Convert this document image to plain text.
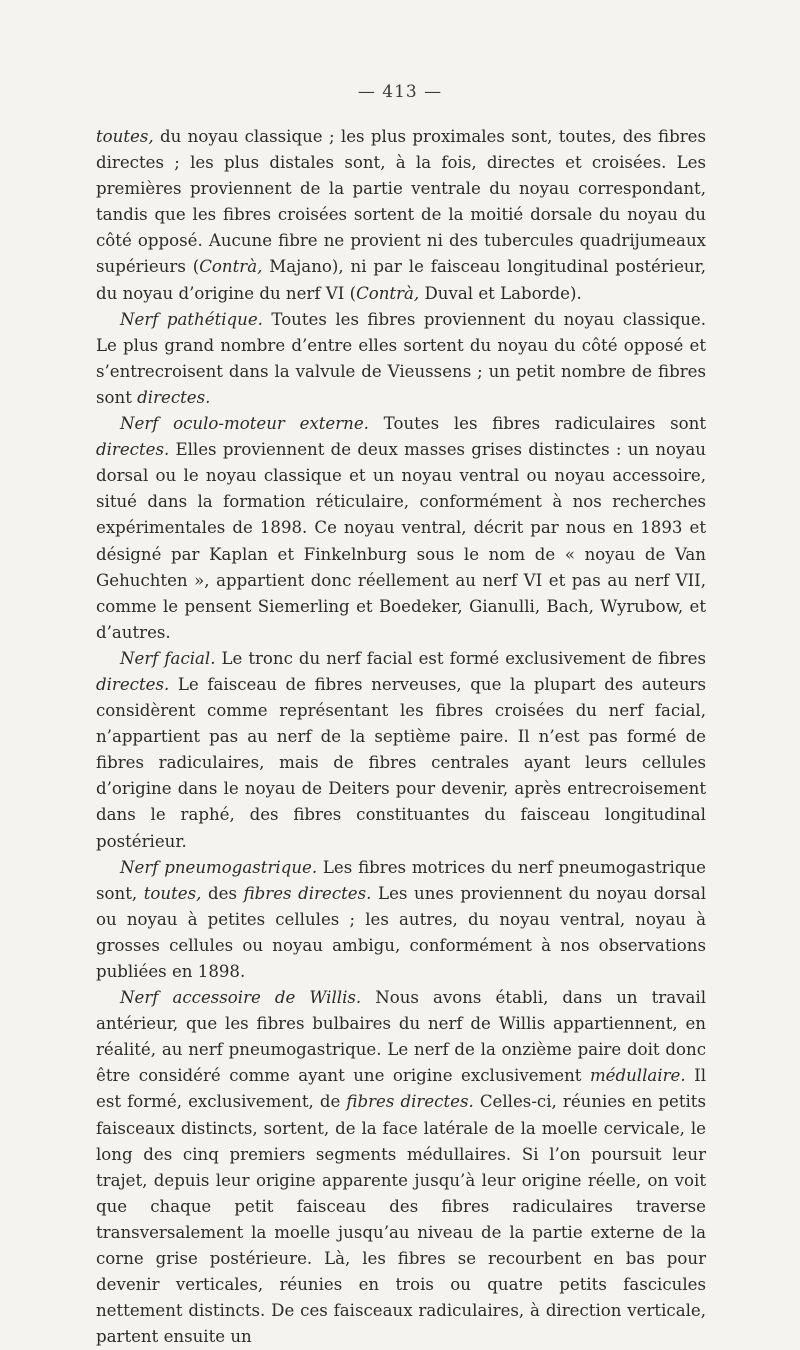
— 413 —

toutes, du noyau classique ; les plus proximales sont, toutes, des fibres directes ; les plus distales sont, à la fois, directes et croisées. Les premières proviennent de la partie ventrale du noyau correspondant, tandis que les fibres croisées sortent de la moitié dorsale du noyau du côté opposé. Aucune fibre ne provient ni des tubercules quadrijumeaux supérieurs (Contrà, Majano), ni par le faisceau longitudinal postérieur, du noyau d’origine du nerf VI (Contrà, Duval et Laborde).

Nerf pathétique. Toutes les fibres proviennent du noyau classique. Le plus grand nombre d’entre elles sortent du noyau du côté opposé et s’entrecroisent dans la valvule de Vieussens ; un petit nombre de fibres sont directes.

Nerf oculo-moteur externe. Toutes les fibres radiculaires sont directes. Elles proviennent de deux masses grises distinctes : un noyau dorsal ou le noyau classique et un noyau ventral ou noyau accessoire, situé dans la formation réticulaire, conformément à nos recherches expérimentales de 1898. Ce noyau ventral, décrit par nous en 1893 et désigné par Kaplan et Finkelnburg sous le nom de « noyau de Van Gehuchten », appartient donc réellement au nerf VI et pas au nerf VII, comme le pensent Siemerling et Boedeker, Gianulli, Bach, Wyrubow, et d’autres.

Nerf facial. Le tronc du nerf facial est formé exclusivement de fibres directes. Le faisceau de fibres nerveuses, que la plupart des auteurs considèrent comme représentant les fibres croisées du nerf facial, n’appartient pas au nerf de la septième paire. Il n’est pas formé de fibres radiculaires, mais de fibres centrales ayant leurs cellules d’origine dans le noyau de Deiters pour devenir, après entrecroisement dans le raphé, des fibres constituantes du faisceau longitudinal postérieur.

Nerf pneumogastrique. Les fibres motrices du nerf pneumogastrique sont, toutes, des fibres directes. Les unes proviennent du noyau dorsal ou noyau à petites cellules ; les autres, du noyau ventral, noyau à grosses cellules ou noyau ambigu, conformément à nos observations publiées en 1898.

Nerf accessoire de Willis. Nous avons établi, dans un travail antérieur, que les fibres bulbaires du nerf de Willis appartiennent, en réalité, au nerf pneumogastrique. Le nerf de la onzième paire doit donc être considéré comme ayant une origine exclusivement médullaire. Il est formé, exclusivement, de fibres directes. Celles-ci, réunies en petits faisceaux distincts, sortent, de la face latérale de la moelle cervicale, le long des cinq premiers segments médullaires. Si l’on poursuit leur trajet, depuis leur origine apparente jusqu’à leur origine réelle, on voit que chaque petit faisceau des fibres radiculaires traverse transversalement la moelle jusqu’au niveau de la partie externe de la corne grise postérieure. Là, les fibres se recourbent en bas pour devenir verticales, réunies en trois ou quatre petits fascicules nettement distincts. De ces faisceaux radiculaires, à direction verticale, partent ensuite un
